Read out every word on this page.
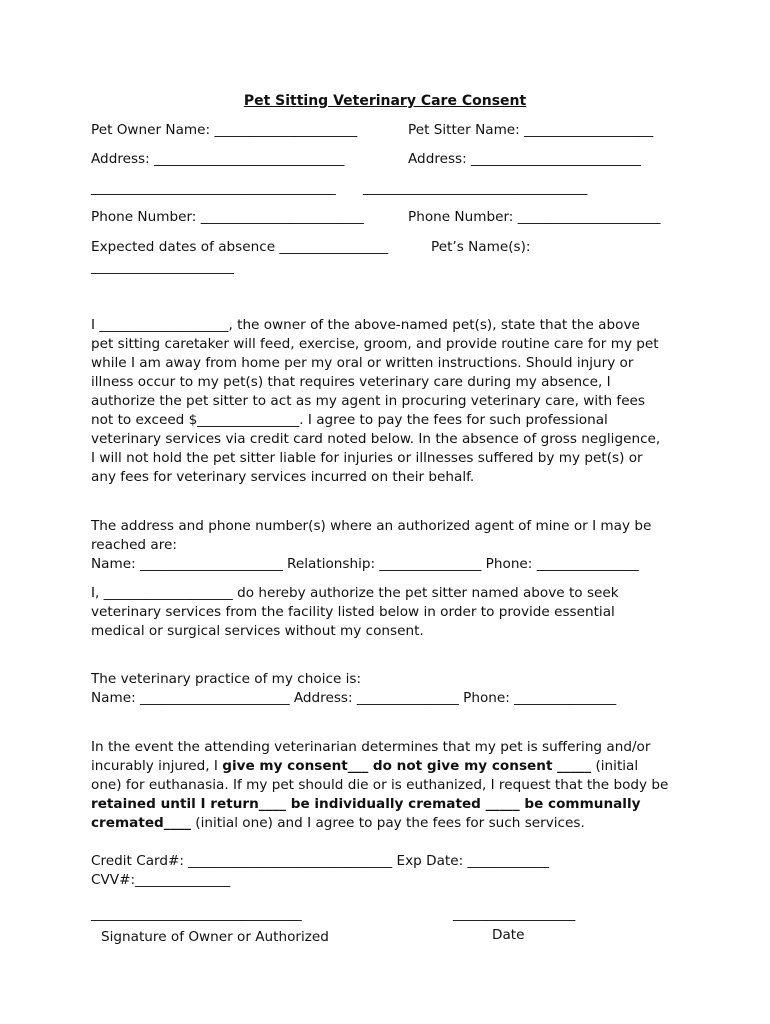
Pet Sitting Veterinary Care Consent
Pet Owner Name: _____________________	Pet Sitter Name: ___________________
Address: ____________________________	Address: _________________________
____________________________________ _________________________________
Phone Number: ________________________	Phone Number: _____________________
Expected dates of absence ________________	Pet’s Name(s):
_____________________
I ___________________, the owner of the above-named pet(s), state that the above
pet sitting caretaker will feed, exercise, groom, and provide routine care for my pet
while I am away from home per my oral or written instructions. Should injury or
illness occur to my pet(s) that requires veterinary care during my absence, I
authorize the pet sitter to act as my agent in procuring veterinary care, with fees
not to exceed $_______________. I agree to pay the fees for such professional
veterinary services via credit card noted below. In the absence of gross negligence,
I will not hold the pet sitter liable for injuries or illnesses suffered by my pet(s) or
any fees for veterinary services incurred on their behalf.
The address and phone number(s) where an authorized agent of mine or I may be
reached are:
Name: _____________________ Relationship: _______________ Phone: _______________
I, ___________________ do hereby authorize the pet sitter named above to seek
veterinary services from the facility listed below in order to provide essential
medical or surgical services without my consent.
The veterinary practice of my choice is:
Name: ______________________ Address: _______________ Phone: _______________
In the event the attending veterinarian determines that my pet is suffering and/or
incurably injured, I give my consent___ do not give my consent _____ (initial
one) for euthanasia. If my pet should die or is euthanized, I request that the body be
retained until I return____ be individually cremated _____ be communally
cremated____ (initial one) and I agree to pay the fees for such services.
Credit Card#: ______________________________ Exp Date: ____________
CVV#:______________
_______________________________	__________________
Signature of Owner or Authorized	Date
